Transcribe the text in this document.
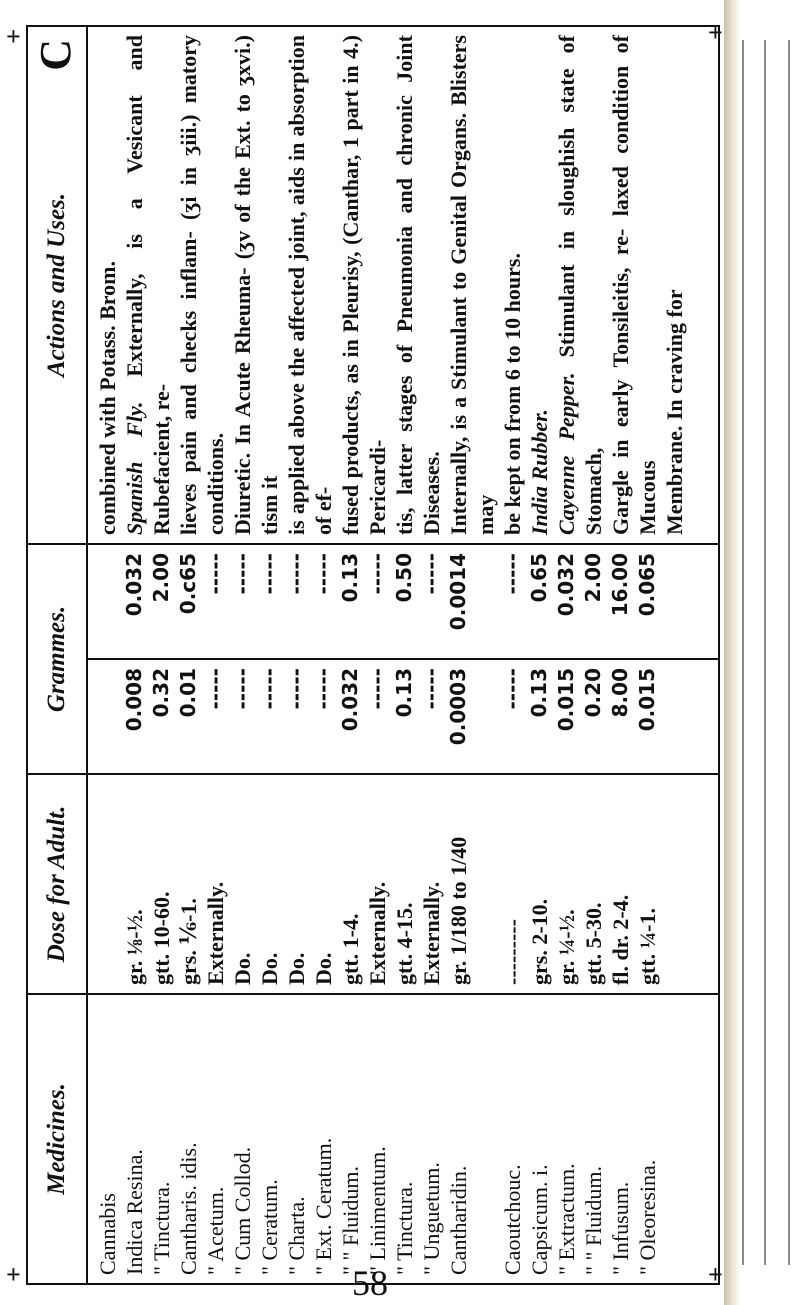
+	+
+	+
Medicines.
Dose for Adult.
Grammes.
Actions and Uses.
C
Cannabis Indica Resina. " Tinctura. Cantharis. idis. " Acetum. " Cum Collod. " Ceratum. " Charta. " Ext. Ceratum. " " Fluidum. " Linimentum. " Tinctura. " Unguetum. Cantharidin.
Caoutchouc. Capsicum. i. " Extractum. " " Fluidum. " Infusum. " Oleoresina.

gr. ⅛-½. gtt. 10-60. grs. ⅙-1. Externally. Do. Do. Do. Do. gtt. 1-4. Externally. gtt. 4-15. Externally. gr. 1/180 to 1/40
--------- grs. 2-10. gr. ¼-½. gtt. 5-30. fl. dr. 2-4. gtt. ¼-1.

0.008 0.32 0.01 ----- ----- ----- ----- ----- 0.032 ----- 0.13 ----- 0.0003
----- 0.13 0.015 0.20 8.00 0.015

0.032 2.00 0.c65 ----- ----- ----- ----- ----- 0.13 ----- 0.50 ----- 0.0014
----- 0.65 0.032 2.00 16.00 0.065
combined with Potass. Brom. Spanish Fly. Externally, is a Vesicant and Rubefacient, re- lieves pain and checks inflam- (ʒi in ʒiii.) matory conditions. Diuretic. In Acute Rheuma- (ʒv of the Ext. to ʒxvi.) tism it is applied above the affected joint, aids in absorption of ef- fused products, as in Pleurisy, (Canthar, 1 part in 4.) Pericardi- tis, latter stages of Pneumonia and chronic Joint Diseases. Internally, is a Stimulant to Genital Organs. Blisters may be kept on from 6 to 10 hours. India Rubber. Cayenne Pepper. Stimulant in sloughish state of Stomach, Gargle in early Tonsileitis, re- laxed condition of Mucous Membrane. In craving for
58
